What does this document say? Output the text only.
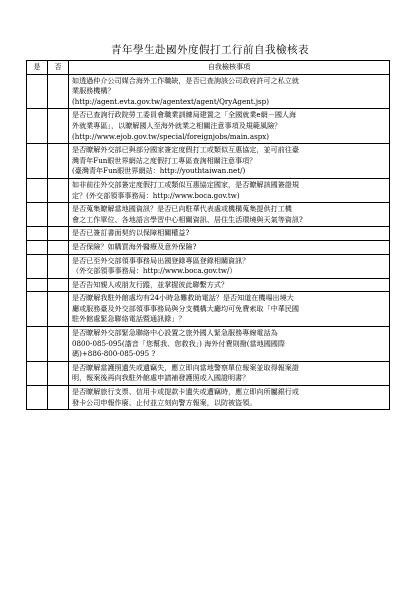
青年學生赴國外度假打工行前自我檢核表
是	否	自我檢核事項

		如透過仲介公司媒合海外工作職缺，是否已查詢該公司政府許可之私立就
業服務機構？
(http://agent.evta.gov.tw/agentext/agent/QryAgent.jsp)

		是否已查詢行政院勞工委員會職業訓練局建置之「全國就業e網－國人海
外就業專區」，以瞭解國人至海外就業之相關注意事項及規範風險？
(http://www.ejob.gov.tw/special/foreignjobs/main.aspx)

		是否瞭解外交部已與部分國家簽定度假打工或類似互惠協定，並可前往臺
灣青年Fun眼世界網站之度假打工專區查詢相關注意事項？
(臺灣青年Fun眼世界網站：http://youthtaiwan.net/)

		如非前往外交部簽定度假打工或類似互惠協定國家，是否瞭解該國簽證規
定？(外交部領事事務局：http://www.boca.gov.tw)

		是否蒐集瞭解當地國資訊？是否已向駐華代表處或機構蒐集提供打工機
會之工作單位、各地語言學習中心相關資訊、居住生活環境與天氣等資訊?

		是否已簽訂書面契約以保障相關權益?

		是否保險？如購買海外醫療及意外保險?

		是否已至外交部領事事務局出國登錄專區登錄相關資訊？
（外交部領事事務局：http://www.boca.gov.tw/）

		是否告知親人或朋友行蹤，並掌握彼此聯繫方式？

		是否瞭解我駐外館處均有24小時急難救助電話？是否知道在機場出境大
廳或服務臺及外交部領事事務局與分支機構大廳均可免費索取「中華民國
駐外館處緊急聯絡電話暨通訊錄」？

		是否瞭解外交部緊急聯絡中心設置之旅外國人緊急服務專線電話為
0800-085-095(諧音「您幫我、您救我」) 海外付費則撥(當地國國際
碼)+886-800-085-095 ?

		是否瞭解當護照遺失或遺竊失，應立即向當地警察單位報案並取得報案證
明，報案後再向我駐外館處申請補發護照或入國證明書？

		是否瞭解旅行支票、信用卡或提款卡遺失或遭竊時，應立即向所屬銀行或
發卡公司申報作廢、止付並立刻向警方報案，以防被盜領。
